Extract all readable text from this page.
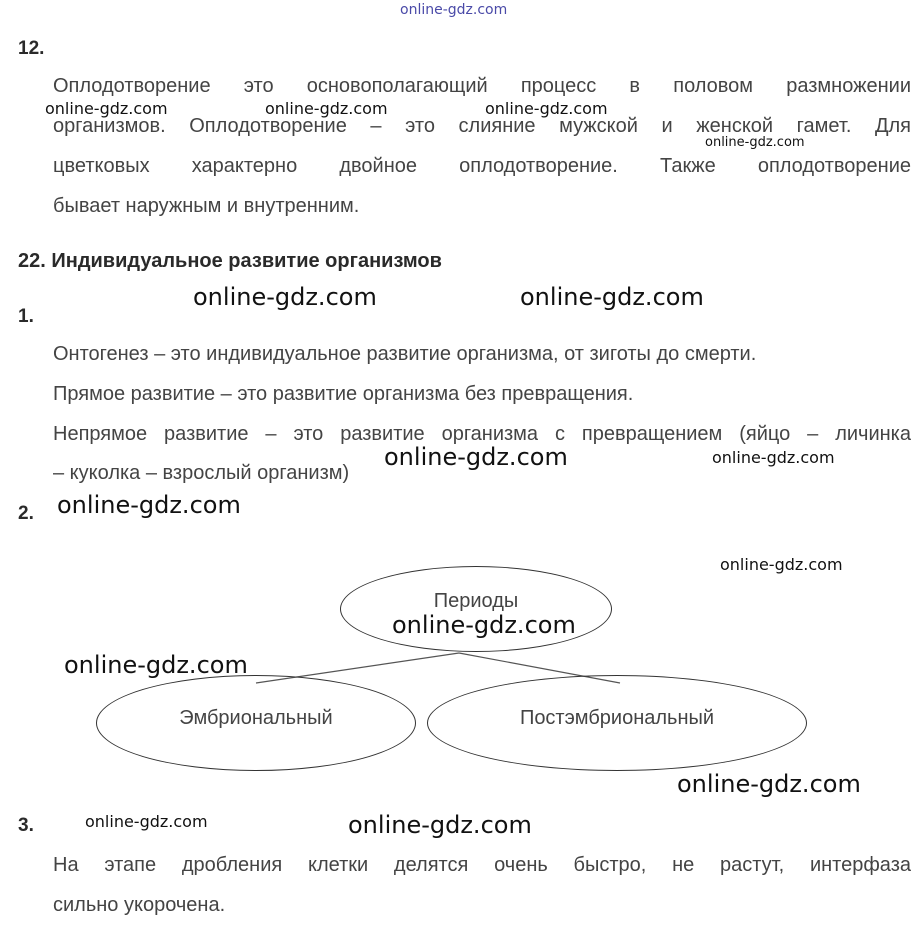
online-gdz.com
12.
Оплодотворение это основополагающий процесс в половом размножении
организмов. Оплодотворение – это слияние мужской и женской гамет. Для
цветковых характерно двойное оплодотворение. Также оплодотворение
бывает наружным и внутренним.
online-gdz.com	online-gdz.com	online-gdz.com
online-gdz.com
22. Индивидуальное развитие организмов
1.
online-gdz.com	online-gdz.com
Онтогенез – это индивидуальное развитие организма, от зиготы до смерти.
Прямое развитие – это развитие организма без превращения.
Непрямое развитие – это развитие организма с превращением (яйцо – личинка
– куколка – взрослый организм)
online-gdz.com	online-gdz.com
2. online-gdz.com
online-gdz.com
Периоды
Эмбриональный	Постэмбриональный
online-gdz.com
online-gdz.com
online-gdz.com
3.	online-gdz.com	online-gdz.com
На этапе дробления клетки делятся очень быстро, не растут, интерфаза
сильно укорочена.
